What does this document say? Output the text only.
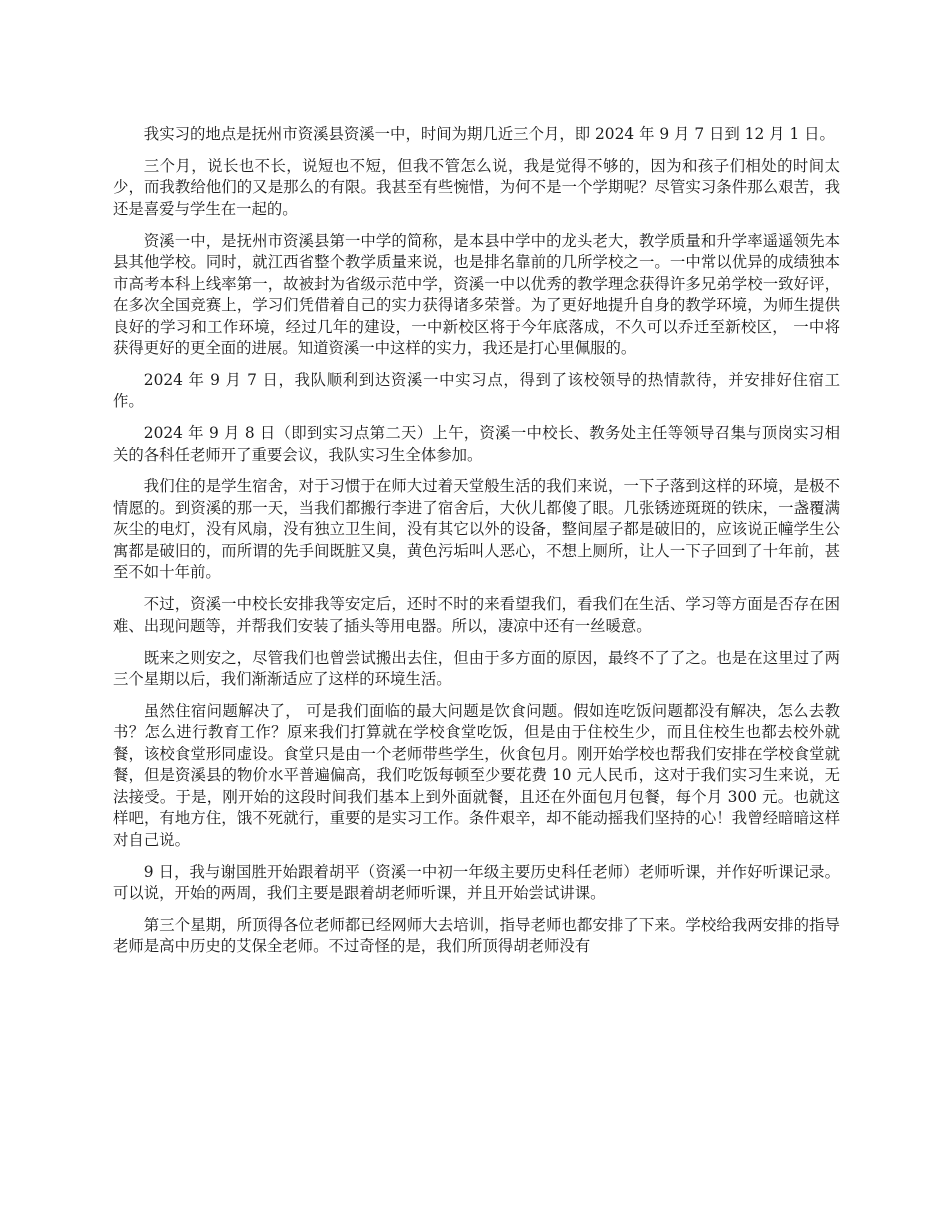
我实习的地点是抚州市资溪县资溪一中，时间为期几近三个月，即 2024 年 9 月 7 日到 12 月 1 日。

三个月，说长也不长，说短也不短，但我不管怎么说，我是觉得不够的，因为和孩子们相处的时间太少，而我教给他们的又是那么的有限。我甚至有些惋惜，为何不是一个学期呢？尽管实习条件那么艰苦，我还是喜爱与学生在一起的。

资溪一中，是抚州市资溪县第一中学的简称，是本县中学中的龙头老大，教学质量和升学率遥遥领先本县其他学校。同时，就江西省整个教学质量来说，也是排名靠前的几所学校之一。一中常以优异的成绩独本市高考本科上线率第一，故被封为省级示范中学，资溪一中以优秀的教学理念获得许多兄弟学校一致好评，在多次全国竞赛上，学习们凭借着自己的实力获得诸多荣誉。为了更好地提升自身的教学环境，为师生提供良好的学习和工作环境，经过几年的建设，一中新校区将于今年底落成，不久可以乔迁至新校区， 一中将获得更好的更全面的进展。知道资溪一中这样的实力，我还是打心里佩服的。

2024 年 9 月 7 日，我队顺利到达资溪一中实习点，得到了该校领导的热情款待，并安排好住宿工作。

2024 年 9 月 8 日（即到实习点第二天）上午，资溪一中校长、教务处主任等领导召集与顶岗实习相关的各科任老师开了重要会议，我队实习生全体参加。

我们住的是学生宿舍，对于习惯于在师大过着天堂般生活的我们来说，一下子落到这样的环境，是极不情愿的。到资溪的那一天，当我们都搬行李进了宿舍后，大伙儿都傻了眼。几张锈迹斑斑的铁床，一盏覆满灰尘的电灯，没有风扇，没有独立卫生间，没有其它以外的设备，整间屋子都是破旧的，应该说正幢学生公寓都是破旧的，而所谓的先手间既脏又臭，黄色污垢叫人恶心，不想上厕所，让人一下子回到了十年前，甚至不如十年前。

不过，资溪一中校长安排我等安定后，还时不时的来看望我们，看我们在生活、学习等方面是否存在困难、出现问题等，并帮我们安装了插头等用电器。所以，凄凉中还有一丝暖意。

既来之则安之，尽管我们也曾尝试搬出去住，但由于多方面的原因，最终不了了之。也是在这里过了两三个星期以后，我们渐渐适应了这样的环境生活。

虽然住宿问题解决了， 可是我们面临的最大问题是饮食问题。假如连吃饭问题都没有解决，怎么去教书？怎么进行教育工作？原来我们打算就在学校食堂吃饭，但是由于住校生少，而且住校生也都去校外就餐，该校食堂形同虚设。食堂只是由一个老师带些学生，伙食包月。刚开始学校也帮我们安排在学校食堂就餐，但是资溪县的物价水平普遍偏高，我们吃饭每顿至少要花费 10 元人民币，这对于我们实习生来说，无法接受。于是，刚开始的这段时间我们基本上到外面就餐，且还在外面包月包餐，每个月 300 元。也就这样吧，有地方住，饿不死就行，重要的是实习工作。条件艰辛，却不能动摇我们坚持的心！我曾经暗暗这样对自己说。

9 日，我与谢国胜开始跟着胡平（资溪一中初一年级主要历史科任老师）老师听课，并作好听课记录。可以说，开始的两周，我们主要是跟着胡老师听课，并且开始尝试讲课。

第三个星期，所顶得各位老师都已经网师大去培训，指导老师也都安排了下来。学校给我两安排的指导老师是高中历史的艾保全老师。不过奇怪的是，我们所顶得胡老师没有
